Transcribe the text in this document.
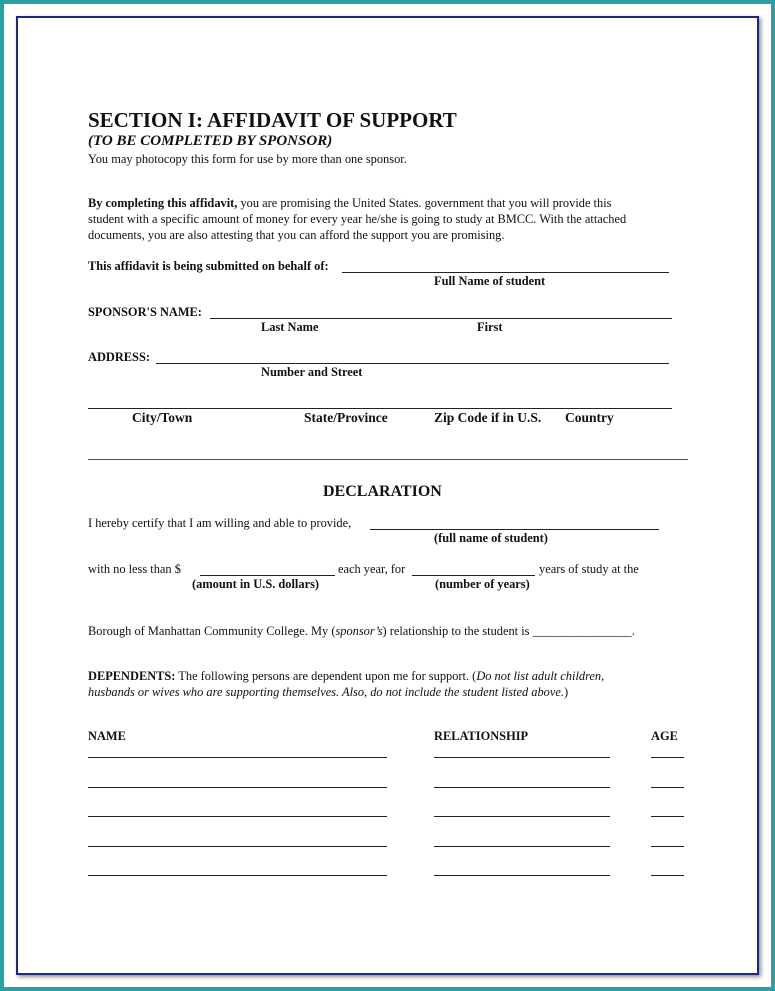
SECTION I: AFFIDAVIT OF SUPPORT
(TO BE COMPLETED BY SPONSOR)
You may photocopy this form for use by more than one sponsor.
By completing this affidavit, you are promising the United States. government that you will provide this
student with a specific amount of money for every year he/she is going to study at BMCC. With the attached
documents, you are also attesting that you can afford the support you are promising.
This affidavit is being submitted on behalf of:
Full Name of student
SPONSOR'S NAME:
Last Name	First
ADDRESS:
Number and Street
City/Town	State/Province	Zip Code if in U.S. Country
DECLARATION
I hereby certify that I am willing and able to provide,
(full name of student)
with no less than $	each year, for	years of study at the
(amount in U.S. dollars)	(number of years)
Borough of Manhattan Community College. My (sponsor’s) relationship to the student is ________________.
DEPENDENTS: The following persons are dependent upon me for support. (Do not list adult children,
husbands or wives who are supporting themselves. Also, do not include the student listed above.)
NAME	RELATIONSHIP	AGE
